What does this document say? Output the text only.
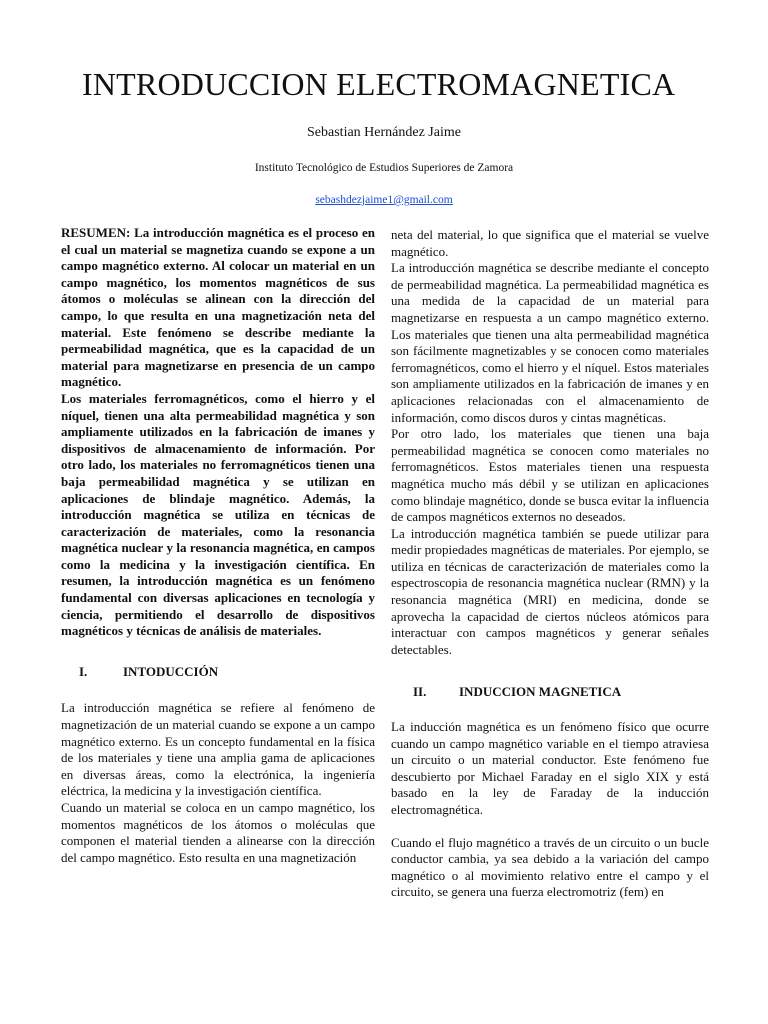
INTRODUCCION ELECTROMAGNETICA
Sebastian Hernández Jaime
Instituto Tecnológico de Estudios Superiores de Zamora
sebashdezjaime1@gmail.com

RESUMEN: La introducción magnética es el proceso en el cual un material se magnetiza cuando se expone a un campo magnético externo. Al colocar un material en un campo magnético, los momentos magnéticos de sus átomos o moléculas se alinean con la dirección del campo, lo que resulta en una magnetización neta del material. Este fenómeno se describe mediante la permeabilidad magnética, que es la capacidad de un material para magnetizarse en presencia de un campo magnético.

Los materiales ferromagnéticos, como el hierro y el níquel, tienen una alta permeabilidad magnética y son ampliamente utilizados en la fabricación de imanes y dispositivos de almacenamiento de información. Por otro lado, los materiales no ferromagnéticos tienen una baja permeabilidad magnética y se utilizan en aplicaciones de blindaje magnético. Además, la introducción magnética se utiliza en técnicas de caracterización de materiales, como la resonancia magnética nuclear y la resonancia magnética, en campos como la medicina y la investigación científica. En resumen, la introducción magnética es un fenómeno fundamental con diversas aplicaciones en tecnología y ciencia, permitiendo el desarrollo de dispositivos magnéticos y técnicas de análisis de materiales.

I.	INTODUCCIÓN

La introducción magnética se refiere al fenómeno de magnetización de un material cuando se expone a un campo magnético externo. Es un concepto fundamental en la física de los materiales y tiene una amplia gama de aplicaciones en diversas áreas, como la electrónica, la ingeniería eléctrica, la medicina y la investigación científica.

Cuando un material se coloca en un campo magnético, los momentos magnéticos de los átomos o moléculas que componen el material tienden a alinearse con la dirección del campo magnético. Esto resulta en una magnetización

neta del material, lo que significa que el material se vuelve magnético.

La introducción magnética se describe mediante el concepto de permeabilidad magnética. La permeabilidad magnética es una medida de la capacidad de un material para magnetizarse en respuesta a un campo magnético externo. Los materiales que tienen una alta permeabilidad magnética son fácilmente magnetizables y se conocen como materiales ferromagnéticos, como el hierro y el níquel. Estos materiales son ampliamente utilizados en la fabricación de imanes y en aplicaciones relacionadas con el almacenamiento de información, como discos duros y cintas magnéticas.

Por otro lado, los materiales que tienen una baja permeabilidad magnética se conocen como materiales no ferromagnéticos. Estos materiales tienen una respuesta magnética mucho más débil y se utilizan en aplicaciones como blindaje magnético, donde se busca evitar la influencia de campos magnéticos externos no deseados.

La introducción magnética también se puede utilizar para medir propiedades magnéticas de materiales. Por ejemplo, se utiliza en técnicas de caracterización de materiales como la espectroscopia de resonancia magnética nuclear (RMN) y la resonancia magnética (MRI) en medicina, donde se aprovecha la capacidad de ciertos núcleos atómicos para interactuar con campos magnéticos y generar señales detectables.

II.	INDUCCION MAGNETICA

La inducción magnética es un fenómeno físico que ocurre cuando un campo magnético variable en el tiempo atraviesa un circuito o un material conductor. Este fenómeno fue descubierto por Michael Faraday en el siglo XIX y está basado en la ley de Faraday de la inducción electromagnética.

Cuando el flujo magnético a través de un circuito o un bucle conductor cambia, ya sea debido a la variación del campo magnético o al movimiento relativo entre el campo y el circuito, se genera una fuerza electromotriz (fem) en
